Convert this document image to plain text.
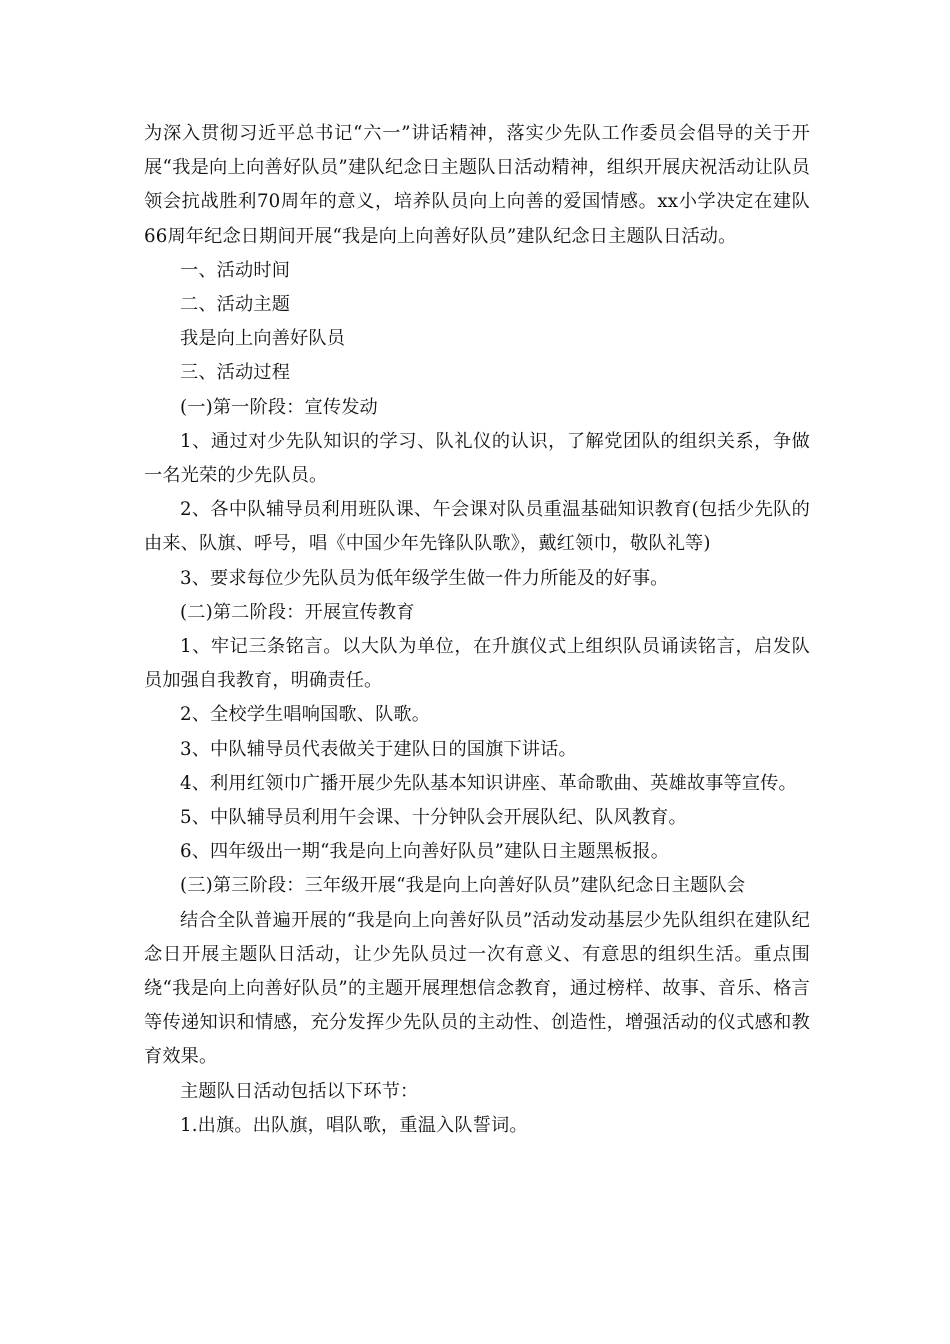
为深入贯彻习近平总书记“六一”讲话精神，落实少先队工作委员会倡导的关于开展“我是向上向善好队员”建队纪念日主题队日活动精神，组织开展庆祝活动让队员领会抗战胜利70周年的意义，培养队员向上向善的爱国情感。xx小学决定在建队66周年纪念日期间开展“我是向上向善好队员”建队纪念日主题队日活动。

一、活动时间

二、活动主题

我是向上向善好队员

三、活动过程

(一)第一阶段：宣传发动

1、通过对少先队知识的学习、队礼仪的认识，了解党团队的组织关系，争做一名光荣的少先队员。

2、各中队辅导员利用班队课、午会课对队员重温基础知识教育(包括少先队的由来、队旗、呼号，唱《中国少年先锋队队歌》，戴红领巾，敬队礼等)

3、要求每位少先队员为低年级学生做一件力所能及的好事。

(二)第二阶段：开展宣传教育

1、牢记三条铭言。以大队为单位，在升旗仪式上组织队员诵读铭言，启发队员加强自我教育，明确责任。

2、全校学生唱响国歌、队歌。

3、中队辅导员代表做关于建队日的国旗下讲话。

4、利用红领巾广播开展少先队基本知识讲座、革命歌曲、英雄故事等宣传。

5、中队辅导员利用午会课、十分钟队会开展队纪、队风教育。

6、四年级出一期“我是向上向善好队员”建队日主题黑板报。

(三)第三阶段：三年级开展“我是向上向善好队员”建队纪念日主题队会

结合全队普遍开展的“我是向上向善好队员”活动发动基层少先队组织在建队纪念日开展主题队日活动，让少先队员过一次有意义、有意思的组织生活。重点围绕“我是向上向善好队员”的主题开展理想信念教育，通过榜样、故事、音乐、格言等传递知识和情感，充分发挥少先队员的主动性、创造性，增强活动的仪式感和教育效果。

主题队日活动包括以下环节：

1.出旗。出队旗，唱队歌，重温入队誓词。
